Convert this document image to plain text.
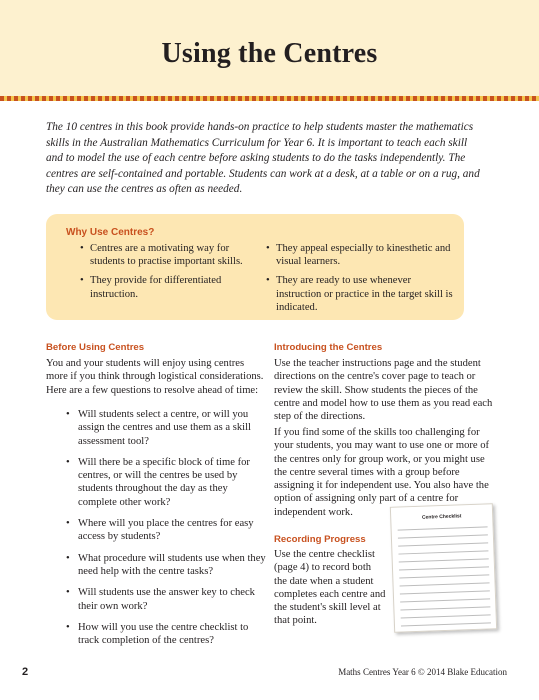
Using the Centres

The 10 centres in this book provide hands-on practice to help students master the mathematics skills in the Australian Mathematics Curriculum for Year 6. It is important to teach each skill and to model the use of each centre before asking students to do the tasks independently. The centres are self-contained and portable. Students can work at a desk, at a table or on a rug, and they can use the centres as often as needed.

Why Use Centres?
• Centres are a motivating way for students to practise important skills.
• They provide for differentiated instruction.
• They appeal especially to kinesthetic and visual learners.
• They are ready to use whenever instruction or practice in the target skill is indicated.
Before Using Centres

You and your students will enjoy using centres more if you think through logistical considerations. Here are a few questions to resolve ahead of time:

• Will students select a centre, or will you assign the centres and use them as a skill assessment tool?
• Will there be a specific block of time for centres, or will the centres be used by students throughout the day as they complete other work?
• Where will you place the centres for easy access by students?
• What procedure will students use when they need help with the centre tasks?
• Will students use the answer key to check their own work?
• How will you use the centre checklist to track completion of the centres?
Introducing the Centres

Use the teacher instructions page and the student directions on the centre's cover page to teach or review the skill. Show students the pieces of the centre and model how to use them as you read each step of the directions.

If you find some of the skills too challenging for your students, you may want to use one or more of the centres only for group work, or you might use the centre several times with a group before assigning it for independent use. You also have the option of assigning only part of a centre for independent work.

Recording Progress

Use the centre checklist (page 4) to record both the date when a student completes each centre and the student's skill level at that point.

Centre Checklist
2	Maths Centres Year 6 © 2014 Blake Education
